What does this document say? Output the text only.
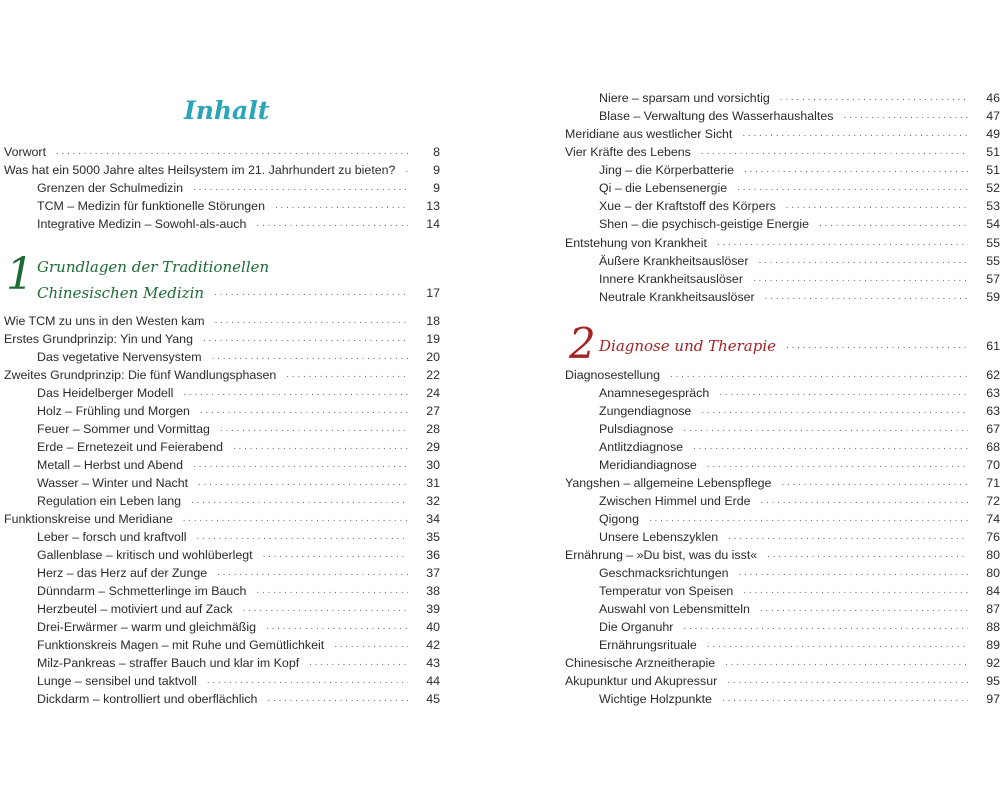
Inhalt
Vorwort . . .	8
Was hat ein 5000 Jahre altes Heilsystem im 21. Jahrhundert zu bieten? . . .	9
Grenzen der Schulmedizin . . .	9
TCM – Medizin für funktionelle Störungen . . .	13
Integrative Medizin – Sowohl-als-auch . . .	14
1 Grundlagen der Traditionellen
Chinesischen Medizin . . .	17
Wie TCM zu uns in den Westen kam . . .	18
Erstes Grundprinzip: Yin und Yang . . .	19
Das vegetative Nervensystem . . .	20
Zweites Grundprinzip: Die fünf Wandlungsphasen . . .	22
Das Heidelberger Modell . . .	24
Holz – Frühling und Morgen . . .	27
Feuer – Sommer und Vormittag . . .	28
Erde – Ernetezeit und Feierabend . . .	29
Metall – Herbst und Abend . . .	30
Wasser – Winter und Nacht . . .	31
Regulation ein Leben lang . . .	32
Funktionskreise und Meridiane . . .	34
Leber – forsch und kraftvoll . . .	35
Gallenblase – kritisch und wohlüberlegt . . .	36
Herz – das Herz auf der Zunge . . .	37
Dünndarm – Schmetterlinge im Bauch . . .	38
Herzbeutel – motiviert und auf Zack . . .	39
Drei-Erwärmer – warm und gleichmäßig . . .	40
Funktionskreis Magen – mit Ruhe und Gemütlichkeit . . .	42
Milz-Pankreas – straffer Bauch und klar im Kopf . . .	43
Lunge – sensibel und taktvoll . . .	44
Dickdarm – kontrolliert und oberflächlich . . .	45
Niere – sparsam und vorsichtig . . .	46
Blase – Verwaltung des Wasserhaushaltes . . .	47
Meridiane aus westlicher Sicht . . .	49
Vier Kräfte des Lebens . . .	51
Jing – die Körperbatterie . . .	51
Qi – die Lebensenergie . . .	52
Xue – der Kraftstoff des Körpers . . .	53
Shen – die psychisch-geistige Energie . . .	54
Entstehung von Krankheit . . .	55
Äußere Krankheitsauslöser . . .	55
Innere Krankheitsauslöser . . .	57
Neutrale Krankheitsauslöser . . .	59
2 Diagnose und Therapie . . .	61
Diagnosestellung . . .	62
Anamnesegespräch . . .	63
Zungendiagnose . . .	63
Pulsdiagnose . . .	67
Antlitzdiagnose . . .	68
Meridiandiagnose . . .	70
Yangshen – allgemeine Lebenspflege . . .	71
Zwischen Himmel und Erde . . .	72
Qigong . . .	74
Unsere Lebenszyklen . . .	76
Ernährung – »Du bist, was du isst« . . .	80
Geschmacksrichtungen . . .	80
Temperatur von Speisen . . .	84
Auswahl von Lebensmitteln . . .	87
Die Organuhr . . .	88
Ernährungsrituale . . .	89
Chinesische Arzneitherapie . . .	92
Akupunktur und Akupressur . . .	95
Wichtige Holzpunkte . . .	97
